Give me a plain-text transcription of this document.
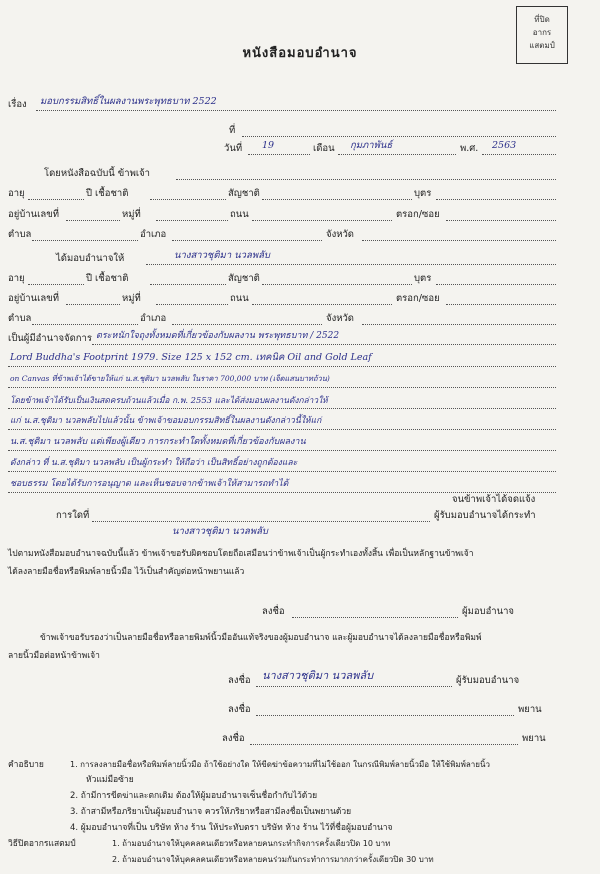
ที่ปิด
อากร
แสตมป์
หนังสือมอบอำนาจ
เรื่อง มอบกรรมสิทธิ์ในผลงานพระพุทธบาท 2522
ที่
วันที่ 19	เดือน กุมภาพันธ์	พ.ศ. 2563
โดยหนังสือฉบับนี้ ข้าพเจ้า
อายุ	ปี เชื้อชาติ	สัญชาติ	บุตร
อยู่บ้านเลขที่	หมู่ที่	ถนน	ตรอก/ซอย
ตำบล	อำเภอ	จังหวัด
ได้มอบอำนาจให้	นางสาวชุติมา นวลพลับ
อายุ	ปี เชื้อชาติ	สัญชาติ	บุตร
อยู่บ้านเลขที่	หมู่ที่	ถนน	ตรอก/ซอย
ตำบล	อำเภอ	จังหวัด
เป็นผู้มีอำนาจจัดการ ตระหนักใจถุงทั้งหมดที่เกี่ยวข้องกับผลงาน พระพุทธบาท / 2522
Lord Buddha's Footprint 1979. Size 125 x 152 cm. เทคนิค Oil and Gold Leaf
on Canvas ที่ข้าพเจ้าได้ขายให้แก่ น.ส.ชุติมา นวลพลับ ในราคา 700,000 บาท (เจ็ดแสนบาทถ้วน)
โดยข้าพเจ้าได้รับเป็นเงินสดครบถ้วนแล้วเมื่อ ก.พ. 2553 และได้ส่งมอบผลงานดังกล่าวให้
แก่ น.ส.ชุติมา นวลพลับไปแล้วนั้น ข้าพเจ้าขอมอบกรรมสิทธิ์ในผลงานดังกล่าวนี้ให้แก่
น.ส.ชุติมา นวลพลับ แต่เพียงผู้เดียว การกระทำใดทั้งหมดที่เกี่ยวข้องกับผลงาน
ดังกล่าว ที่ น.ส.ชุติมา นวลพลับ เป็นผู้กระทำ ให้ถือว่า เป็นสิทธิ์อย่างถูกต้องและ
ชอบธรรม โดยได้รับการอนุญาต และเห็นชอบจากข้าพเจ้าให้สามารถทำได้
จนข้าพเจ้าได้จดแจ้ง
การใดที่	ผู้รับมอบอำนาจได้กระทำ
นางสาวชุติมา นวลพลับ
ไปตามหนังสือมอบอำนาจฉบับนี้แล้ว ข้าพเจ้าขอรับผิดชอบโดยถือเสมือนว่าข้าพเจ้าเป็นผู้กระทำเองทั้งสิ้น เพื่อเป็นหลักฐานข้าพเจ้า
ได้ลงลายมือชื่อหรือพิมพ์ลายนิ้วมือ ไว้เป็นสำคัญต่อหน้าพยานแล้ว
ลงชื่อ	ผู้มอบอำนาจ
ข้าพเจ้าขอรับรองว่าเป็นลายมือชื่อหรือลายพิมพ์นิ้วมืออันแท้จริงของผู้มอบอำนาจ และผู้มอบอำนาจได้ลงลายมือชื่อหรือพิมพ์
ลายนิ้วมือต่อหน้าข้าพเจ้า
ลงชื่อ นางสาวชุติมา นวลพลับ	ผู้รับมอบอำนาจ
ลงชื่อ	พยาน
ลงชื่อ	พยาน
คำอธิบาย	1. การลงลายมือชื่อหรือพิมพ์ลายนิ้วมือ ถ้าใช้อย่างใด ให้ขีดฆ่าข้อความที่ไม่ใช้ออก ในกรณีพิมพ์ลายนิ้วมือ ให้ใช้พิมพ์ลายนิ้ว
หัวแม่มือซ้าย
2. ถ้ามีการขีดฆ่าและตกเติม ต้องให้ผู้มอบอำนาจเซ็นชื่อกำกับไว้ด้วย
3. ถ้าสามีหรือภริยาเป็นผู้มอบอำนาจ ควรให้ภริยาหรือสามีลงชื่อเป็นพยานด้วย
4. ผู้มอบอำนาจที่เป็น บริษัท ห้าง ร้าน ให้ประทับตรา บริษัท ห้าง ร้าน ไว้ที่ชื่อผู้มอบอำนาจ
วิธีปิดอากรแสตมป์	1. ถ้ามอบอำนาจให้บุคคลคนเดียวหรือหลายคนกระทำกิจการครั้งเดียวปิด 10 บาท
2. ถ้ามอบอำนาจให้บุคคลคนเดียวหรือหลายคนร่วมกันกระทำการมากกว่าครั้งเดียวปิด 30 บาท
